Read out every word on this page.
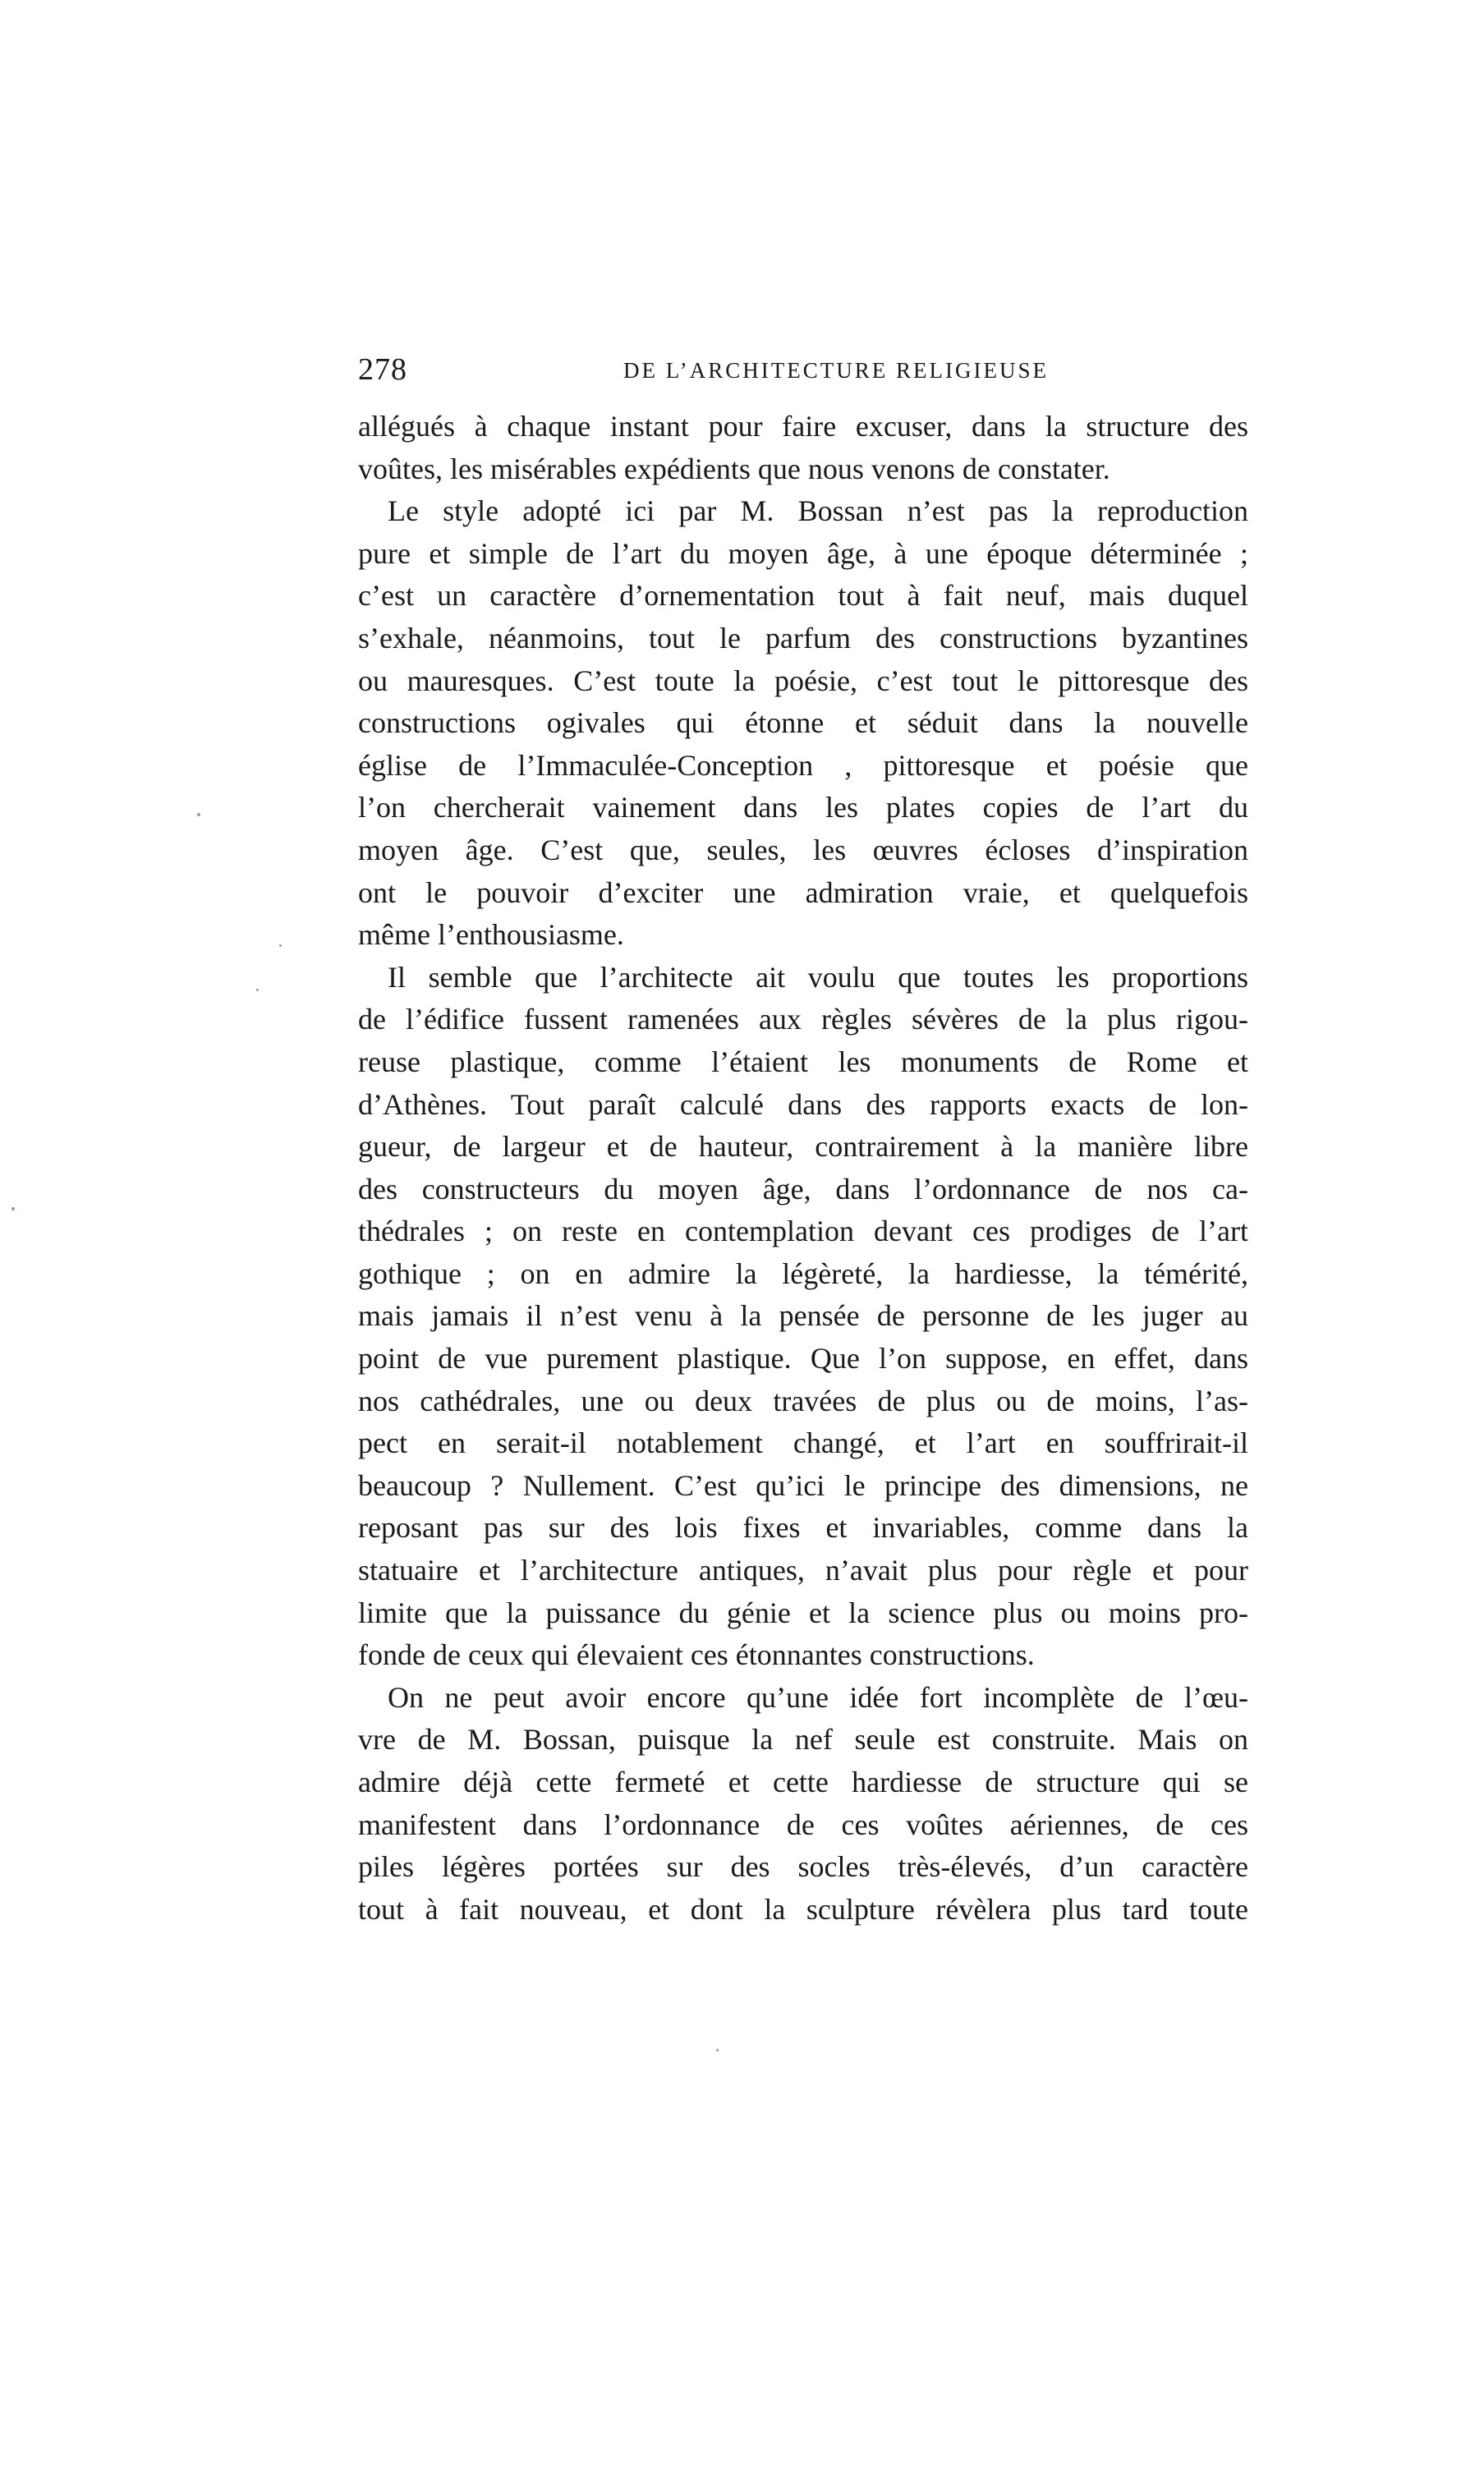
278	DE L’ARCHITECTURE RELIGIEUSE
allégués à chaque instant pour faire excuser, dans la structure des
voûtes, les misérables expédients que nous venons de constater.
Le style adopté ici par M. Bossan n’est pas la reproduction
pure et simple de l’art du moyen âge, à une époque déterminée ;
c’est un caractère d’ornementation tout à fait neuf, mais duquel
s’exhale, néanmoins, tout le parfum des constructions byzantines
ou mauresques. C’est toute la poésie, c’est tout le pittoresque des
constructions ogivales qui étonne et séduit dans la nouvelle
église de l’Immaculée-Conception , pittoresque et poésie que
l’on chercherait vainement dans les plates copies de l’art du
moyen âge. C’est que, seules, les œuvres écloses d’inspiration
ont le pouvoir d’exciter une admiration vraie, et quelquefois
même l’enthousiasme.
Il semble que l’architecte ait voulu que toutes les proportions
de l’édifice fussent ramenées aux règles sévères de la plus rigou-
reuse plastique, comme l’étaient les monuments de Rome et
d’Athènes. Tout paraît calculé dans des rapports exacts de lon-
gueur, de largeur et de hauteur, contrairement à la manière libre
des constructeurs du moyen âge, dans l’ordonnance de nos ca-
thédrales ; on reste en contemplation devant ces prodiges de l’art
gothique ; on en admire la légèreté, la hardiesse, la témérité,
mais jamais il n’est venu à la pensée de personne de les juger au
point de vue purement plastique. Que l’on suppose, en effet, dans
nos cathédrales, une ou deux travées de plus ou de moins, l’as-
pect en serait-il notablement changé, et l’art en souffrirait-il
beaucoup ? Nullement. C’est qu’ici le principe des dimensions, ne
reposant pas sur des lois fixes et invariables, comme dans la
statuaire et l’architecture antiques, n’avait plus pour règle et pour
limite que la puissance du génie et la science plus ou moins pro-
fonde de ceux qui élevaient ces étonnantes constructions.
On ne peut avoir encore qu’une idée fort incomplète de l’œu-
vre de M. Bossan, puisque la nef seule est construite. Mais on
admire déjà cette fermeté et cette hardiesse de structure qui se
manifestent dans l’ordonnance de ces voûtes aériennes, de ces
piles légères portées sur des socles très-élevés, d’un caractère
tout à fait nouveau, et dont la sculpture révèlera plus tard toute
